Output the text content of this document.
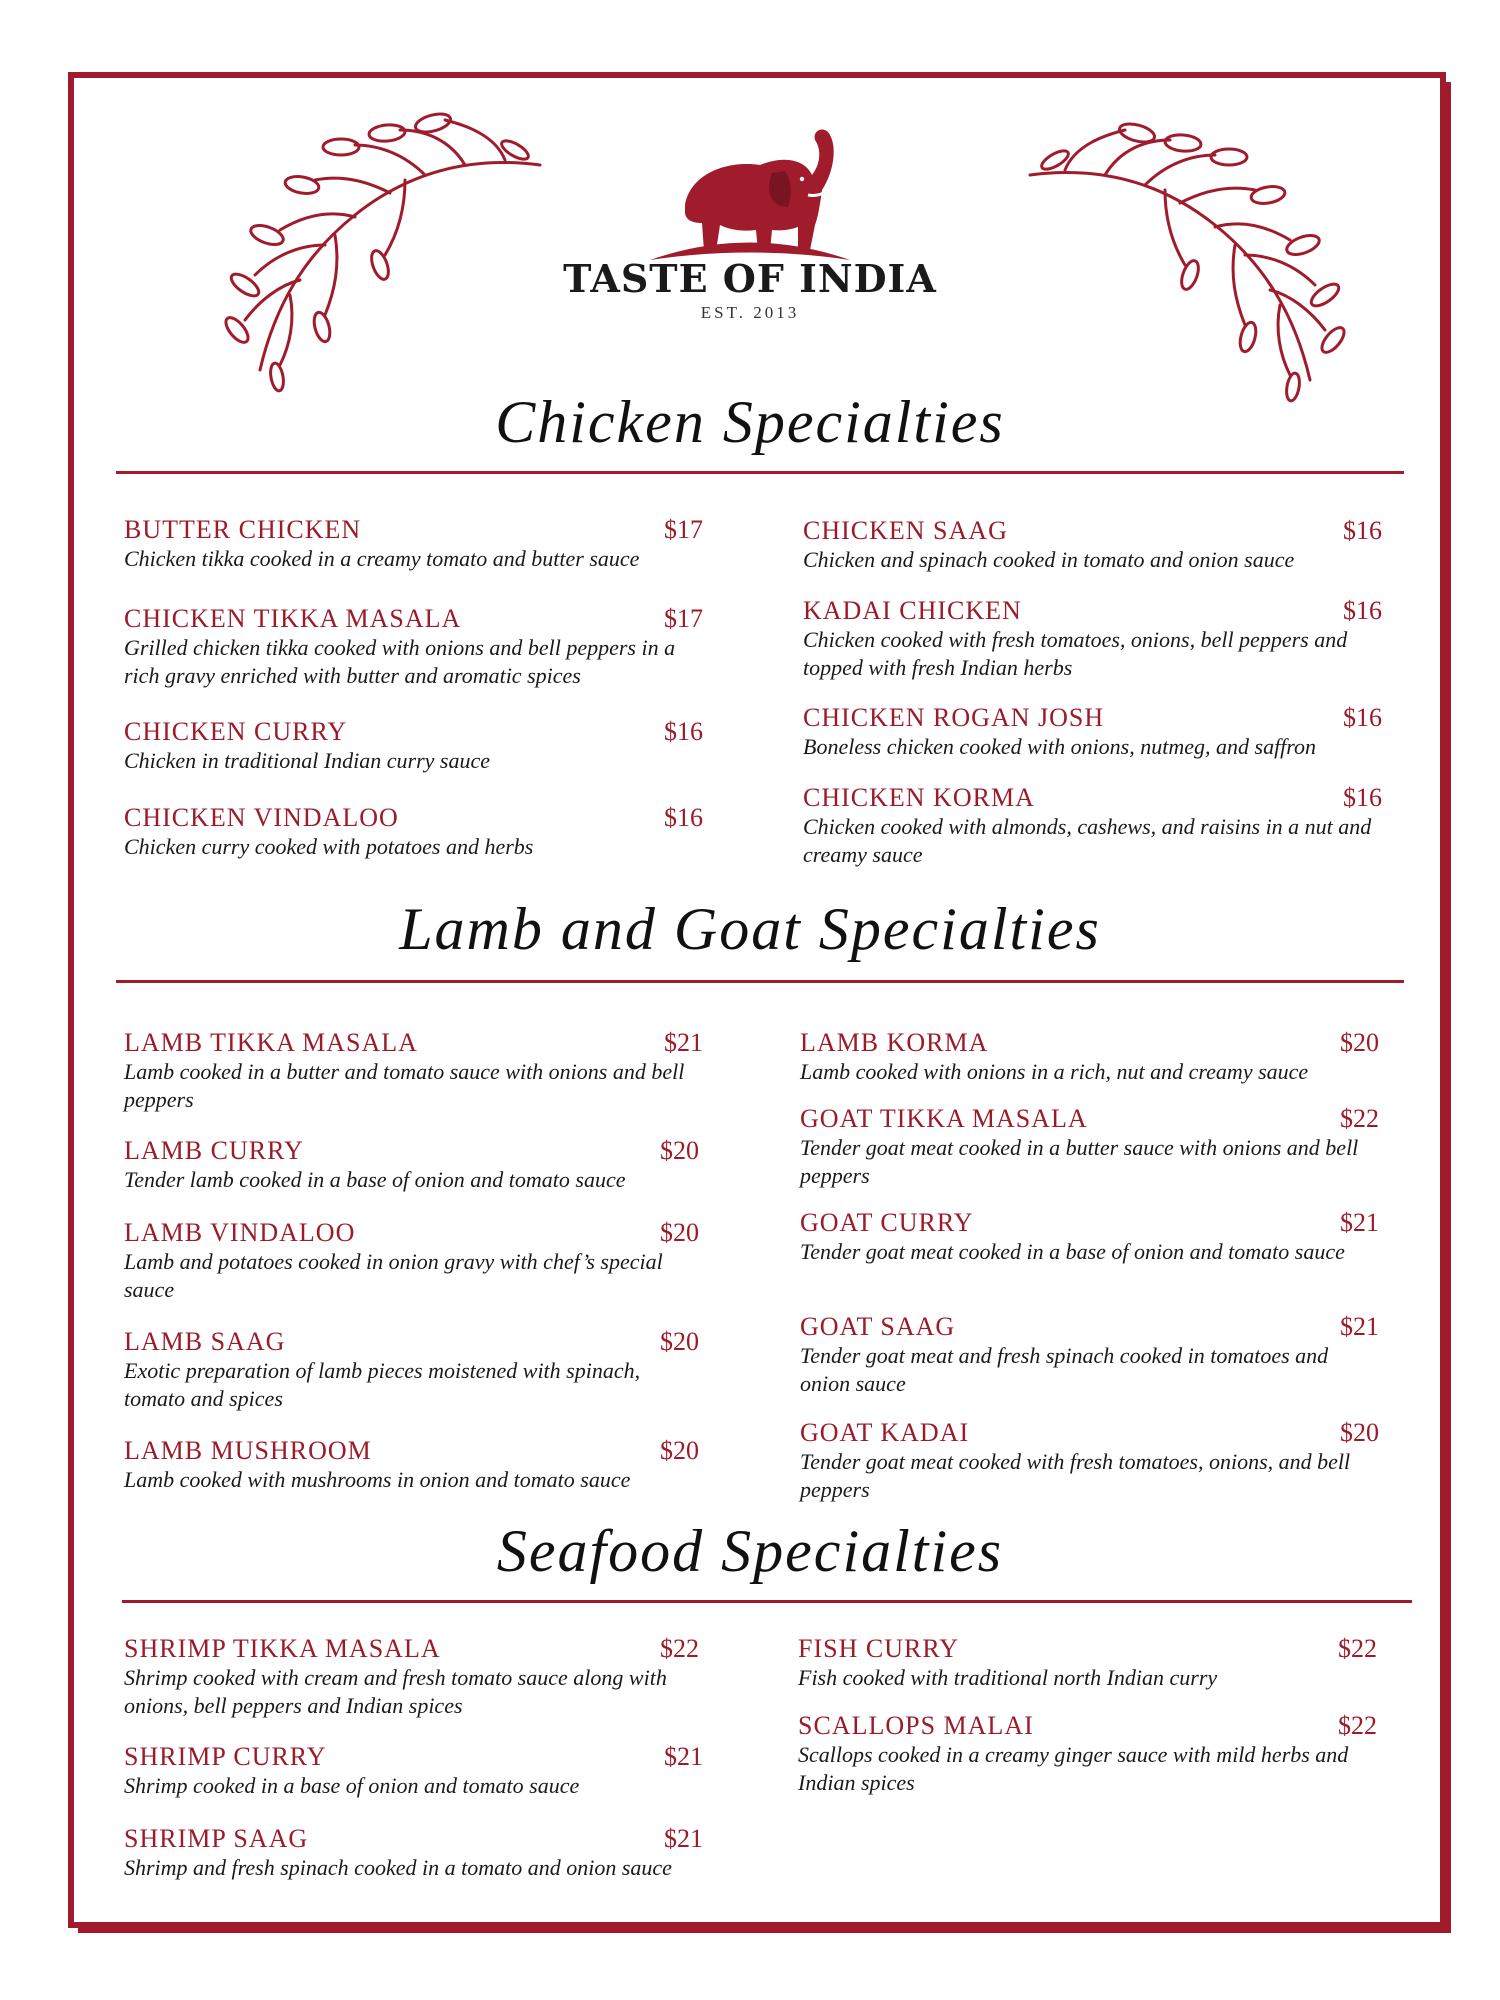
TASTE OF INDIA
EST. 2013
Chicken Specialties
BUTTER CHICKEN	$17
Chicken tikka cooked in a creamy tomato and butter sauce
CHICKEN TIKKA MASALA	$17
Grilled chicken tikka cooked with onions and bell peppers in a rich gravy enriched with butter and aromatic spices
CHICKEN CURRY	$16
Chicken in traditional Indian curry sauce
CHICKEN VINDALOO	$16
Chicken curry cooked with potatoes and herbs
CHICKEN SAAG	$16
Chicken and spinach cooked in tomato and onion sauce
KADAI CHICKEN	$16
Chicken cooked with fresh tomatoes, onions, bell peppers and topped with fresh Indian herbs
CHICKEN ROGAN JOSH	$16
Boneless chicken cooked with onions, nutmeg, and saffron
CHICKEN KORMA	$16
Chicken cooked with almonds, cashews, and raisins in a nut and creamy sauce
Lamb and Goat Specialties
LAMB TIKKA MASALA	$21
Lamb cooked in a butter and tomato sauce with onions and bell peppers
LAMB CURRY	$20
Tender lamb cooked in a base of onion and tomato sauce
LAMB VINDALOO	$20
Lamb and potatoes cooked in onion gravy with chef’s special sauce
LAMB SAAG	$20
Exotic preparation of lamb pieces moistened with spinach, tomato and spices
LAMB MUSHROOM	$20
Lamb cooked with mushrooms in onion and tomato sauce
LAMB KORMA	$20
Lamb cooked with onions in a rich, nut and creamy sauce
GOAT TIKKA MASALA	$22
Tender goat meat cooked in a butter sauce with onions and bell peppers
GOAT CURRY	$21
Tender goat meat cooked in a base of onion and tomato sauce
GOAT SAAG	$21
Tender goat meat and fresh spinach cooked in tomatoes and onion sauce
GOAT KADAI	$20
Tender goat meat cooked with fresh tomatoes, onions, and bell peppers
Seafood Specialties
SHRIMP TIKKA MASALA	$22
Shrimp cooked with cream and fresh tomato sauce along with onions, bell peppers and Indian spices
SHRIMP CURRY	$21
Shrimp cooked in a base of onion and tomato sauce
SHRIMP SAAG	$21
Shrimp and fresh spinach cooked in a tomato and onion sauce
FISH CURRY	$22
Fish cooked with traditional north Indian curry
SCALLOPS MALAI	$22
Scallops cooked in a creamy ginger sauce with mild herbs and Indian spices
